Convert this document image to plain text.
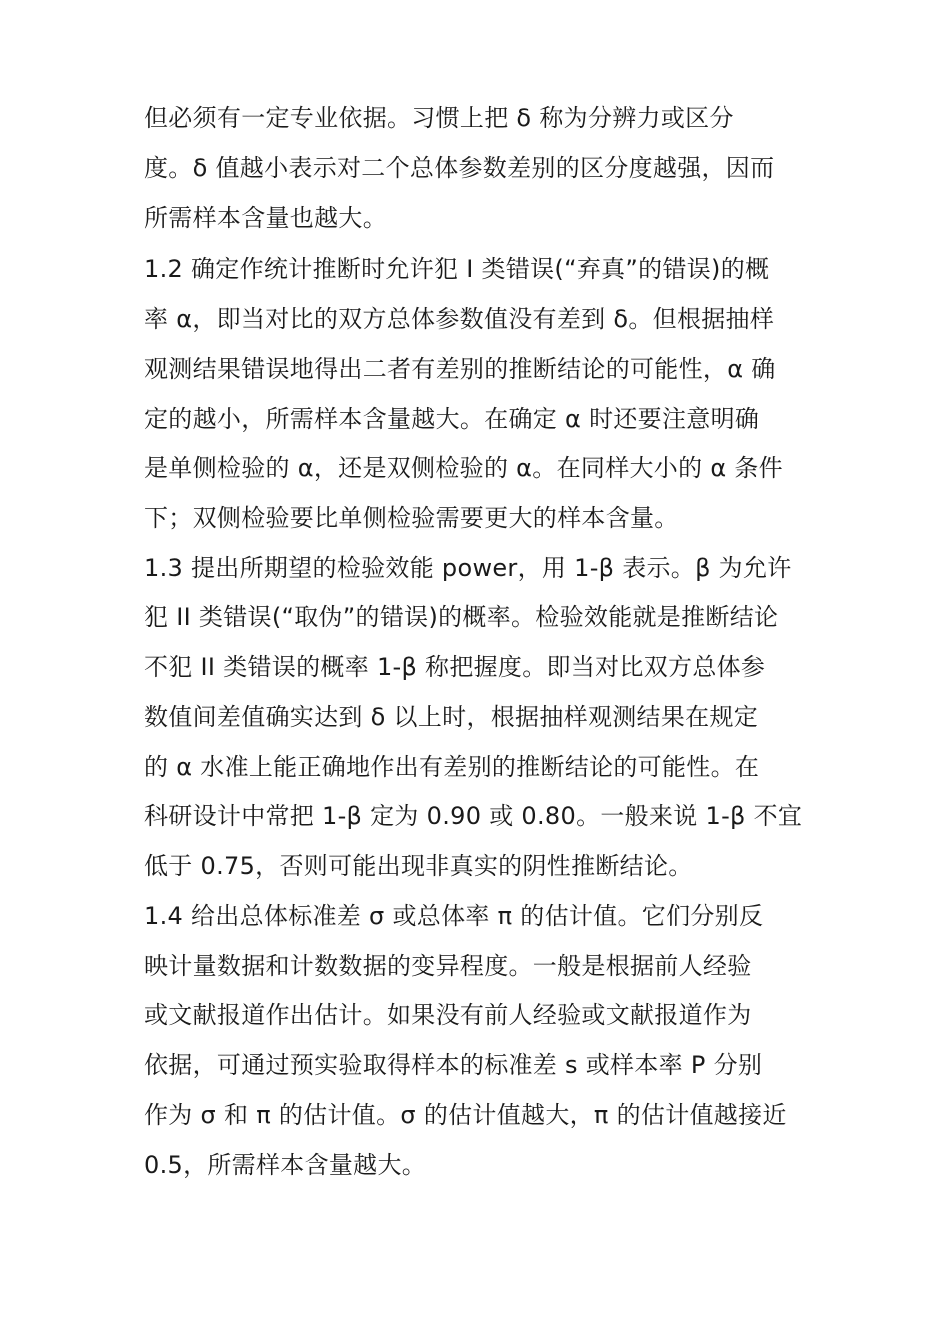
但必须有一定专业依据。习惯上把 δ 称为分辨力或区分
度。δ 值越小表示对二个总体参数差别的区分度越强，因而
所需样本含量也越大。
1.2 确定作统计推断时允许犯 I 类错误(“弃真”的错误)的概
率 α，即当对比的双方总体参数值没有差到 δ。但根据抽样
观测结果错误地得出二者有差别的推断结论的可能性，α 确
定的越小，所需样本含量越大。在确定 α 时还要注意明确
是单侧检验的 α，还是双侧检验的 α。在同样大小的 α 条件
下；双侧检验要比单侧检验需要更大的样本含量。
1.3 提出所期望的检验效能 power，用 1-β 表示。β 为允许
犯 II 类错误(“取伪”的错误)的概率。检验效能就是推断结论
不犯 II 类错误的概率 1-β 称把握度。即当对比双方总体参
数值间差值确实达到 δ 以上时，根据抽样观测结果在规定
的 α 水准上能正确地作出有差别的推断结论的可能性。在
科研设计中常把 1-β 定为 0.90 或 0.80。一般来说 1-β 不宜
低于 0.75，否则可能出现非真实的阴性推断结论。
1.4 给出总体标准差 σ 或总体率 π 的估计值。它们分别反
映计量数据和计数数据的变异程度。一般是根据前人经验
或文献报道作出估计。如果没有前人经验或文献报道作为
依据，可通过预实验取得样本的标准差 s 或样本率 P 分别
作为 σ 和 π 的估计值。σ 的估计值越大，π 的估计值越接近
0.5，所需样本含量越大。
